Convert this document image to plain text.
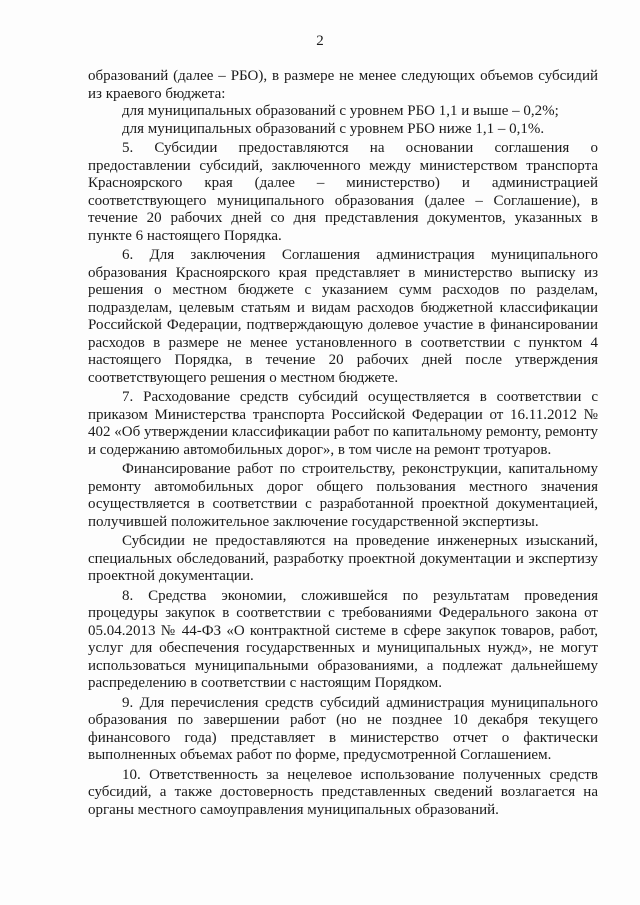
2

образований (далее – РБО), в размере не менее следующих объемов субсидий из краевого бюджета:

для муниципальных образований с уровнем РБО 1,1 и выше – 0,2%;

для муниципальных образований с уровнем РБО ниже 1,1 – 0,1%.

5. Субсидии предоставляются на основании соглашения о предоставлении субсидий, заключенного между министерством транспорта Красноярского края (далее – министерство) и администрацией соответствующего муниципального образования (далее – Соглашение), в течение 20 рабочих дней со дня представления документов, указанных в пункте 6 настоящего Порядка.

6. Для заключения Соглашения администрация муниципального образования Красноярского края представляет в министерство выписку из решения о местном бюджете с указанием сумм расходов по разделам, подразделам, целевым статьям и видам расходов бюджетной классификации Российской Федерации, подтверждающую долевое участие в финансировании расходов в размере не менее установленного в соответствии с пунктом 4 настоящего Порядка, в течение 20 рабочих дней после утверждения соответствующего решения о местном бюджете.

7. Расходование средств субсидий осуществляется в соответствии с приказом Министерства транспорта Российской Федерации от 16.11.2012 № 402 «Об утверждении классификации работ по капитальному ремонту, ремонту и содержанию автомобильных дорог», в том числе на ремонт тротуаров.

Финансирование работ по строительству, реконструкции, капитальному ремонту автомобильных дорог общего пользования местного значения осуществляется в соответствии с разработанной проектной документацией, получившей положительное заключение государственной экспертизы.

Субсидии не предоставляются на проведение инженерных изысканий, специальных обследований, разработку проектной документации и экспертизу проектной документации.

8. Средства экономии, сложившейся по результатам проведения процедуры закупок в соответствии с требованиями Федерального закона от 05.04.2013 № 44-ФЗ «О контрактной системе в сфере закупок товаров, работ, услуг для обеспечения государственных и муниципальных нужд», не могут использоваться муниципальными образованиями, а подлежат дальнейшему распределению в соответствии с настоящим Порядком.

9. Для перечисления средств субсидий администрация муниципального образования по завершении работ (но не позднее 10 декабря текущего финансового года) представляет в министерство отчет о фактически выполненных объемах работ по форме, предусмотренной Соглашением.

10. Ответственность за нецелевое использование полученных средств субсидий, а также достоверность представленных сведений возлагается на органы местного самоуправления муниципальных образований.
